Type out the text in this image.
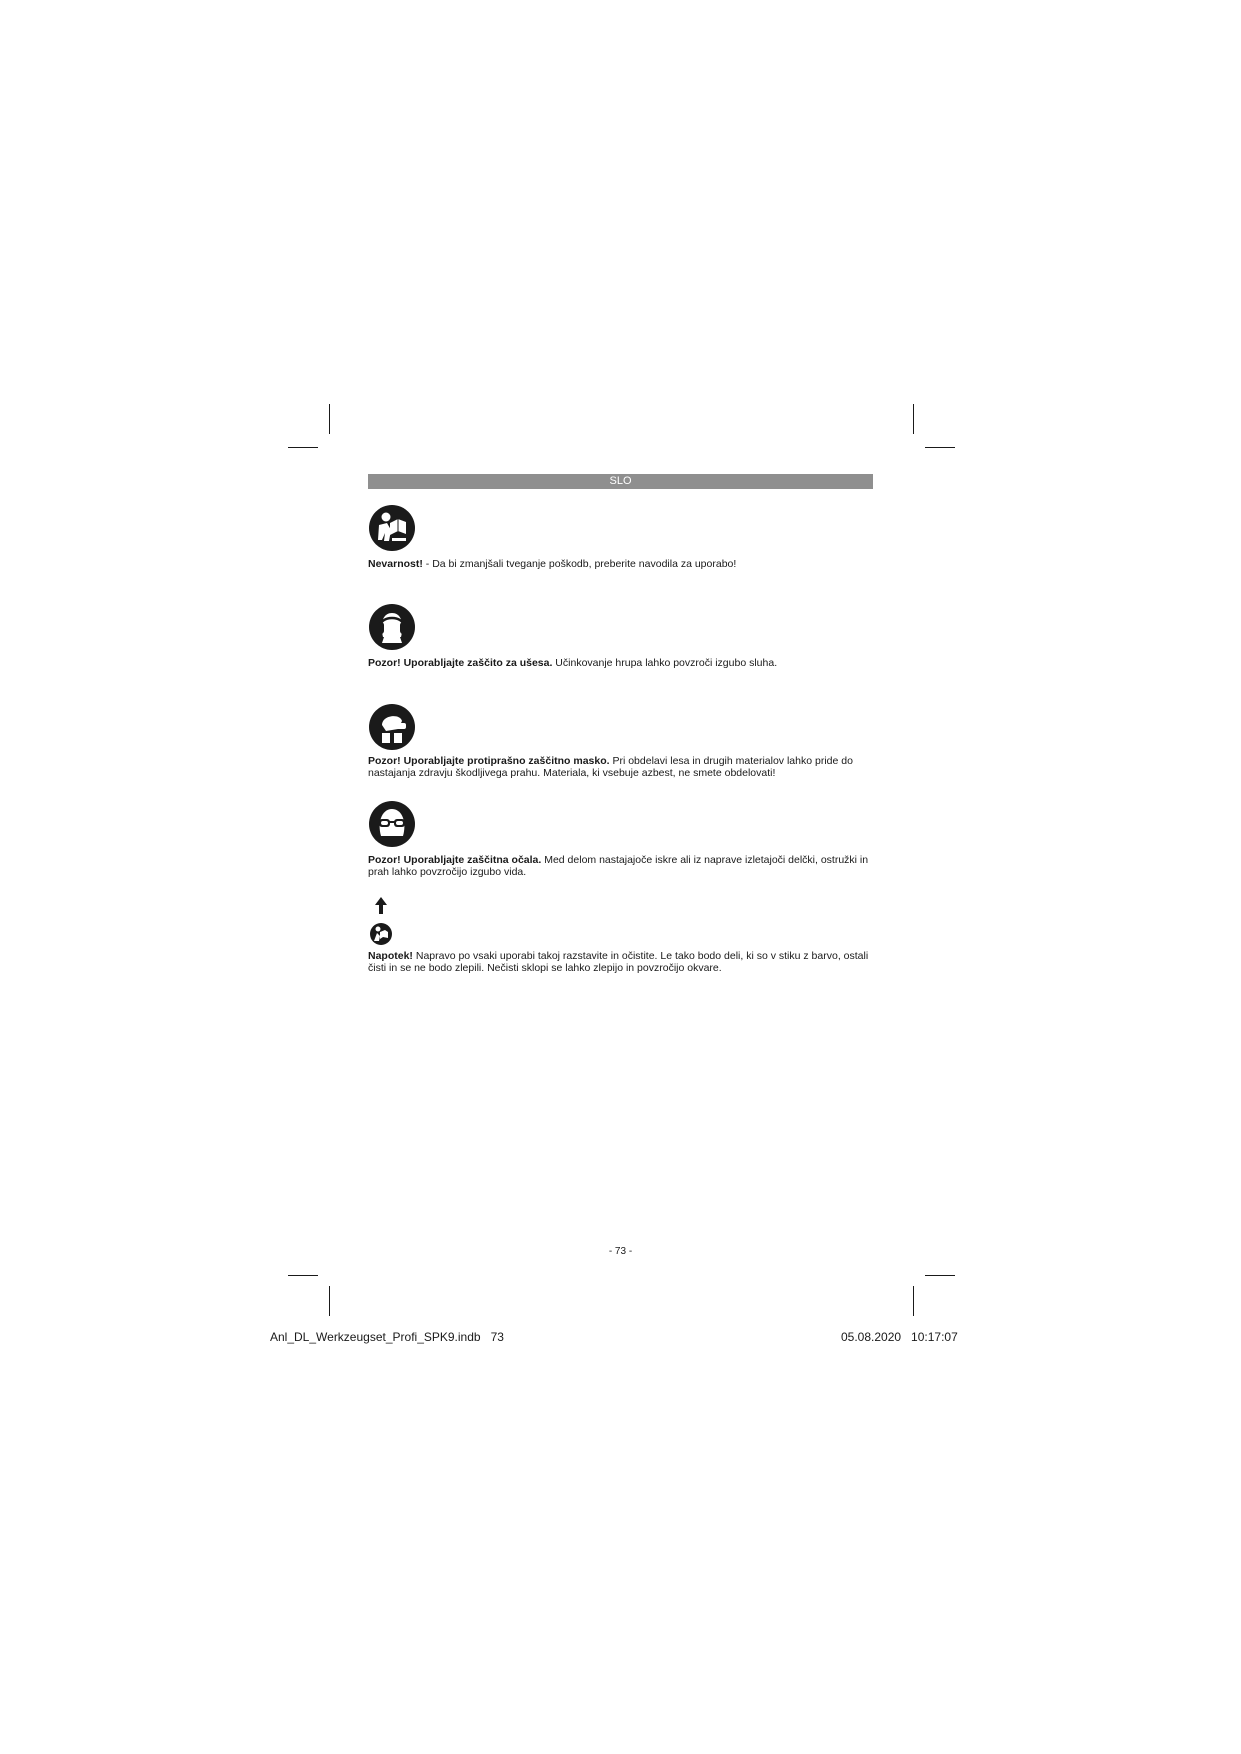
SLO

Nevarnost! - Da bi zmanjšali tveganje poškodb, preberite navodila za uporabo!

Pozor! Uporabljajte zaščito za ušesa. Učinkovanje hrupa lahko povzroči izgubo sluha.

Pozor! Uporabljajte protiprašno zaščitno masko. Pri obdelavi lesa in drugih materialov lahko pride do nastajanja zdravju škodljivega prahu. Materiala, ki vsebuje azbest, ne smete obdelovati!

Pozor! Uporabljajte zaščitna očala. Med delom nastajajoče iskre ali iz naprave izletajoči delčki, ostružki in prah lahko povzročijo izgubo vida.

Napotek! Napravo po vsaki uporabi takoj razstavite in očistite. Le tako bodo deli, ki so v stiku z barvo, ostali čisti in se ne bodo zlepili. Nečisti sklopi se lahko zlepijo in povzročijo okvare.

- 73 -
Anl_DL_Werkzeugset_Profi_SPK9.indb   73	05.08.2020   10:17:07
